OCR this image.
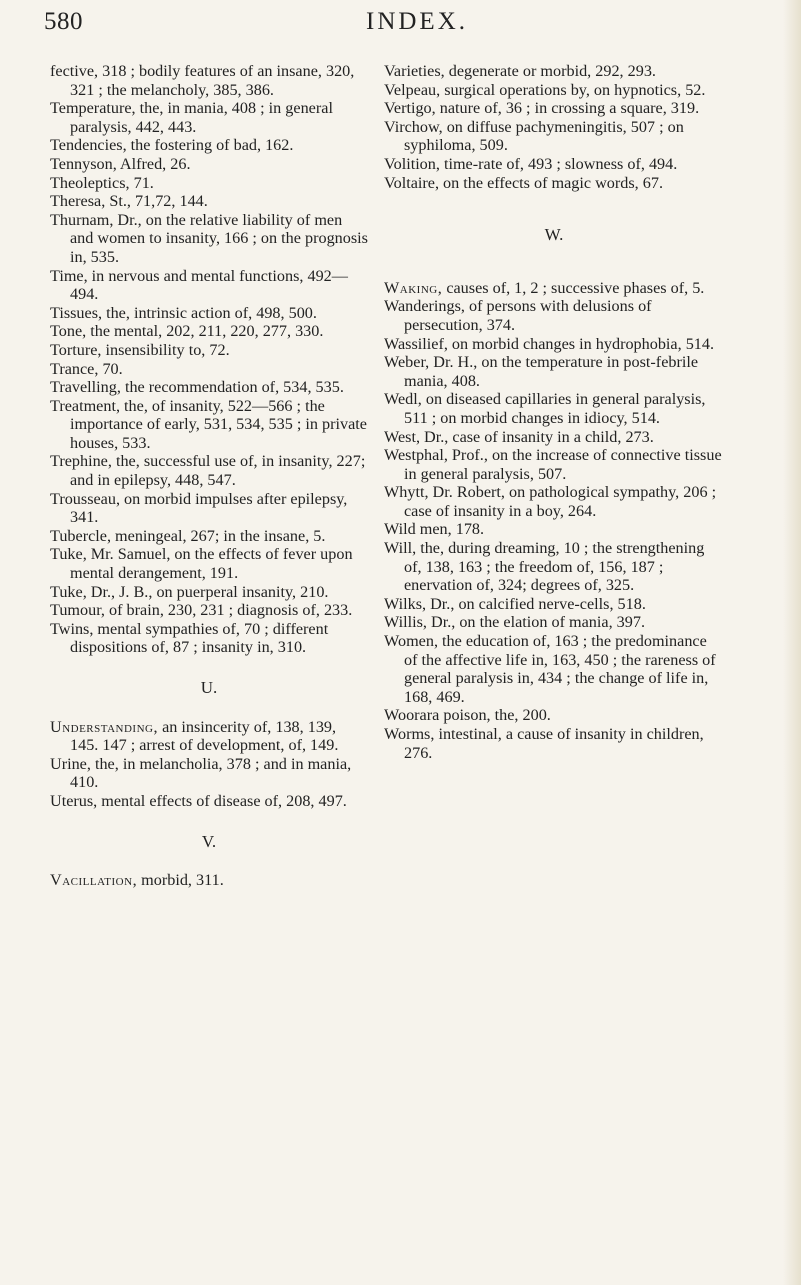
580	INDEX.

fective, 318 ; bodily features of an insane, 320, 321 ; the melancholy, 385, 386.

Temperature, the, in mania, 408 ; in general paralysis, 442, 443.

Tendencies, the fostering of bad, 162.

Tennyson, Alfred, 26.

Theoleptics, 71.

Theresa, St., 71,72, 144.

Thurnam, Dr., on the relative liability of men and women to insanity, 166 ; on the prognosis in, 535.

Time, in nervous and mental functions, 492—494.

Tissues, the, intrinsic action of, 498, 500.

Tone, the mental, 202, 211, 220, 277, 330.

Torture, insensibility to, 72.

Trance, 70.

Travelling, the recommendation of, 534, 535.

Treatment, the, of insanity, 522—566 ; the importance of early, 531, 534, 535 ; in private houses, 533.

Trephine, the, successful use of, in insanity, 227; and in epilepsy, 448, 547.

Trousseau, on morbid impulses after epilepsy, 341.

Tubercle, meningeal, 267; in the insane, 5.

Tuke, Mr. Samuel, on the effects of fever upon mental derangement, 191.

Tuke, Dr., J. B., on puerperal insanity, 210.

Tumour, of brain, 230, 231 ; diagnosis of, 233.

Twins, mental sympathies of, 70 ; different dispositions of, 87 ; insanity in, 310.

U.

Understanding, an insincerity of, 138, 139, 145. 147 ; arrest of development, of, 149.

Urine, the, in melancholia, 378 ; and in mania, 410.

Uterus, mental effects of disease of, 208, 497.

V.

Vacillation, morbid, 311.

Varieties, degenerate or morbid, 292, 293.

Velpeau, surgical operations by, on hypnotics, 52.

Vertigo, nature of, 36 ; in crossing a square, 319.

Virchow, on diffuse pachymeningitis, 507 ; on syphiloma, 509.

Volition, time-rate of, 493 ; slowness of, 494.

Voltaire, on the effects of magic words, 67.

W.

Waking, causes of, 1, 2 ; successive phases of, 5.

Wanderings, of persons with delusions of persecution, 374.

Wassilief, on morbid changes in hydrophobia, 514.

Weber, Dr. H., on the temperature in post-febrile mania, 408.

Wedl, on diseased capillaries in general paralysis, 511 ; on morbid changes in idiocy, 514.

West, Dr., case of insanity in a child, 273.

Westphal, Prof., on the increase of connective tissue in general paralysis, 507.

Whytt, Dr. Robert, on pathological sympathy, 206 ; case of insanity in a boy, 264.

Wild men, 178.

Will, the, during dreaming, 10 ; the strengthening of, 138, 163 ; the freedom of, 156, 187 ; enervation of, 324; degrees of, 325.

Wilks, Dr., on calcified nerve-cells, 518.

Willis, Dr., on the elation of mania, 397.

Women, the education of, 163 ; the predominance of the affective life in, 163, 450 ; the rareness of general paralysis in, 434 ; the change of life in, 168, 469.

Woorara poison, the, 200.

Worms, intestinal, a cause of insanity in children, 276.
